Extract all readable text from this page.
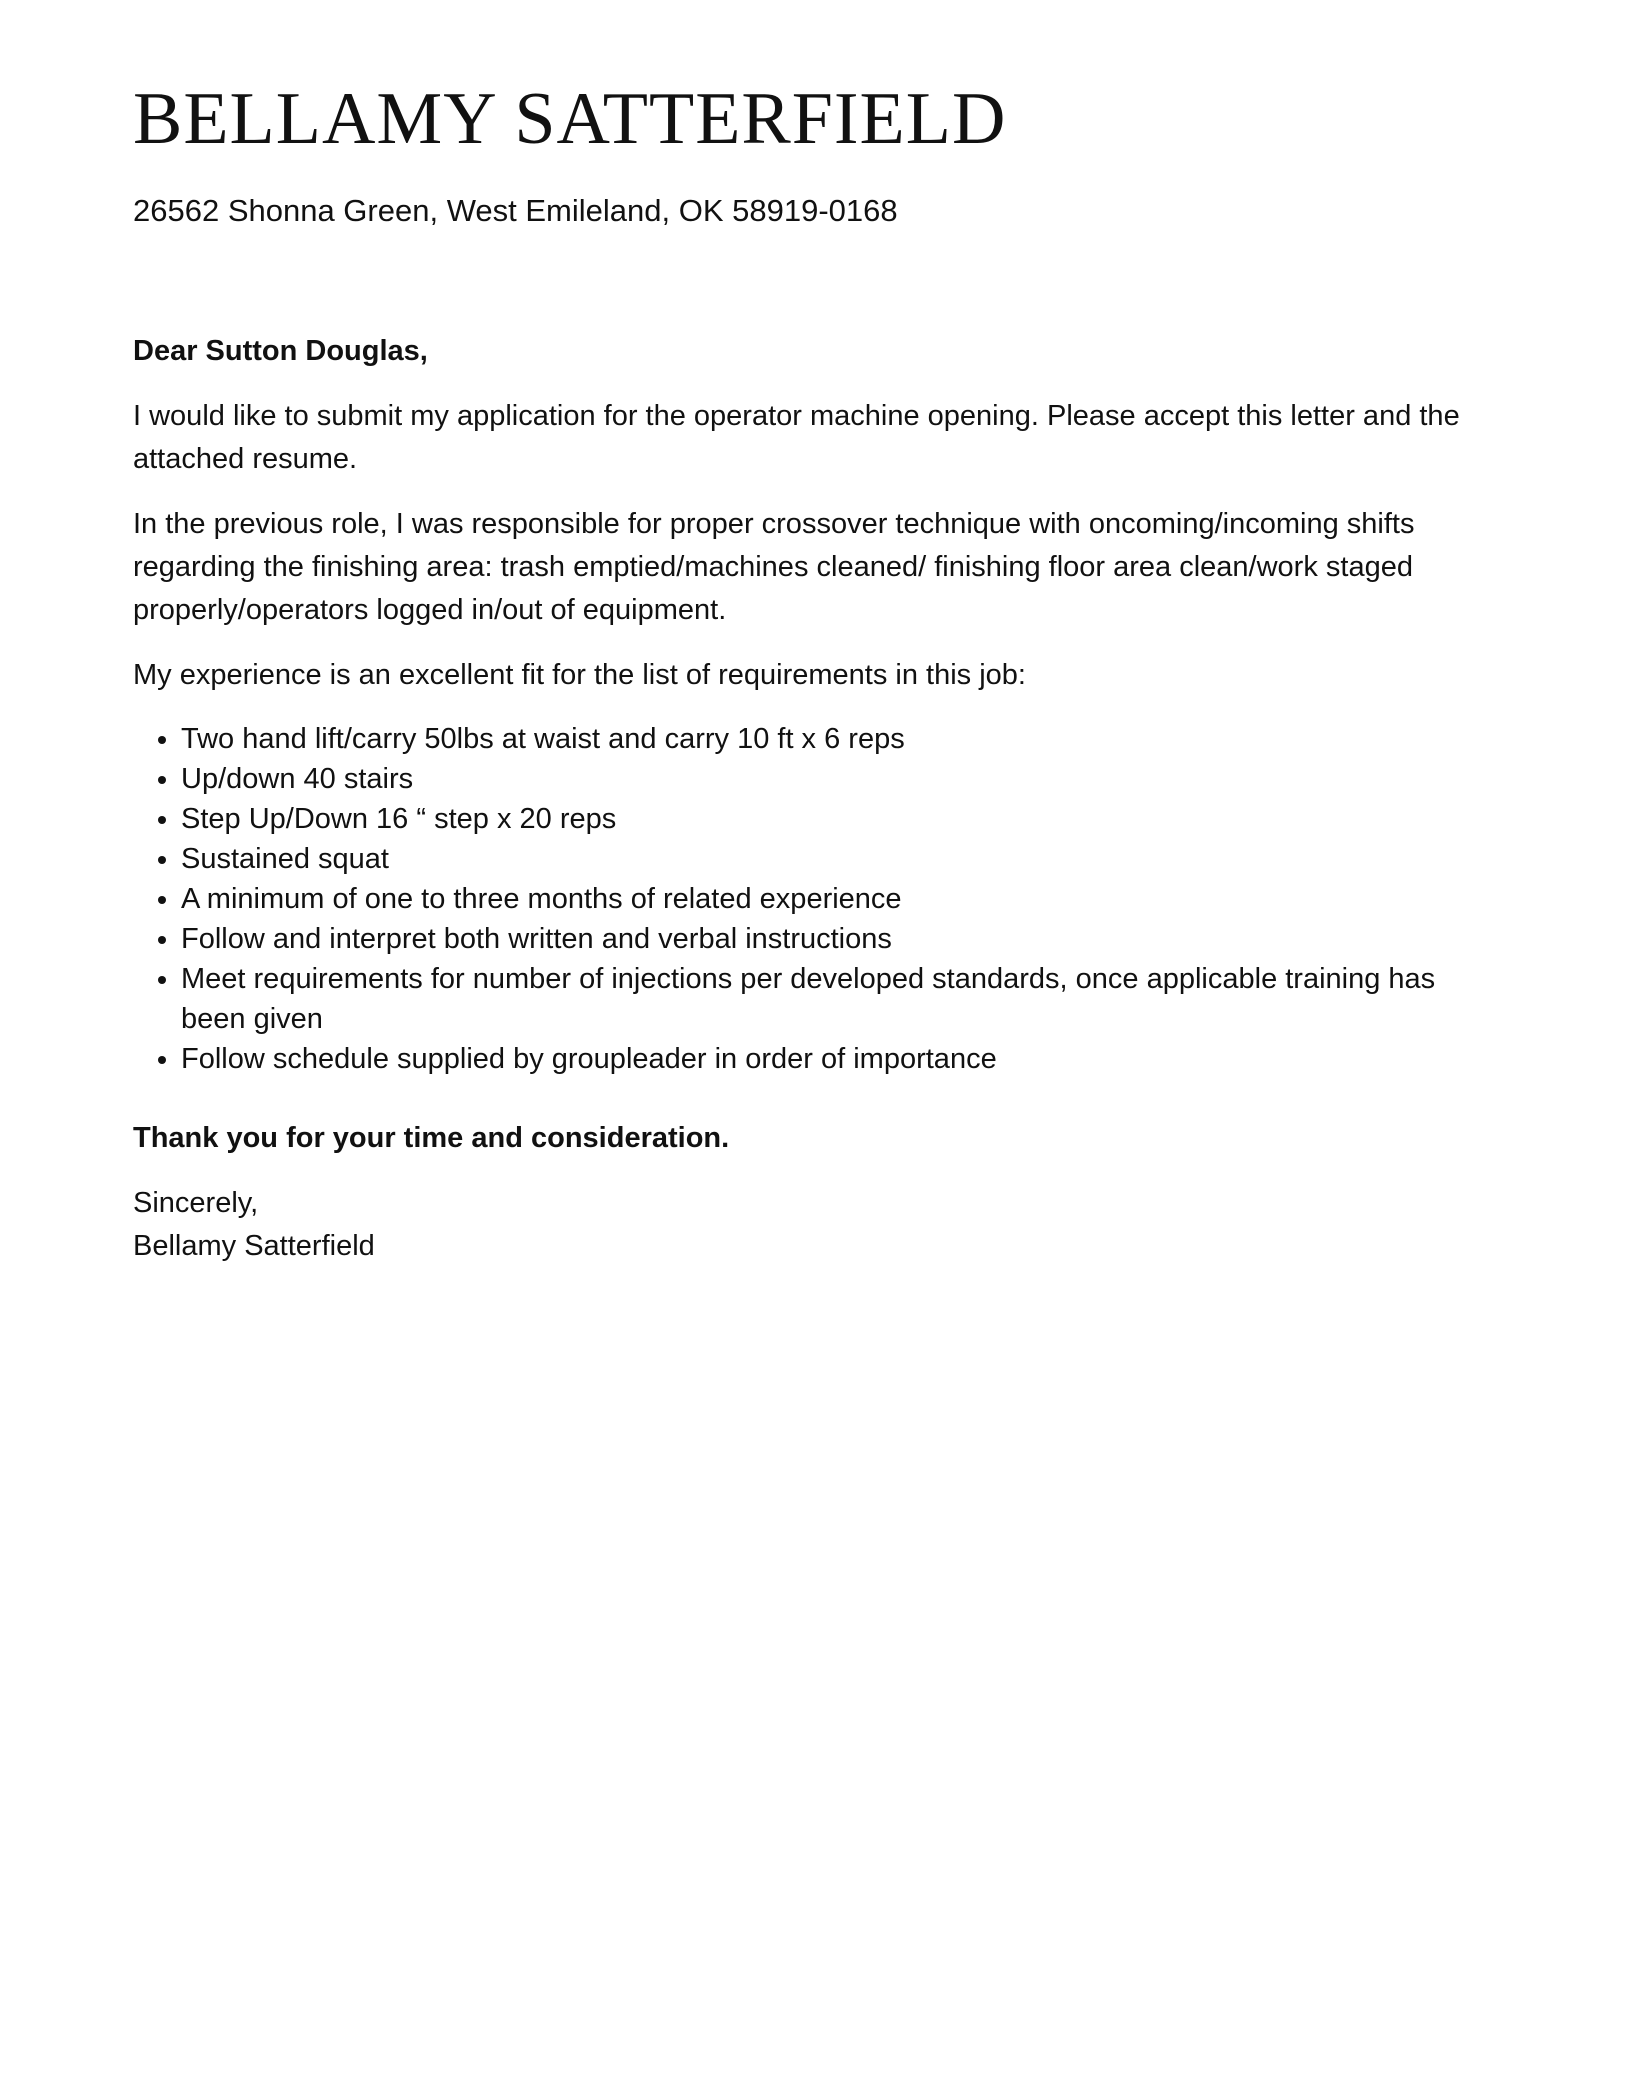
BELLAMY SATTERFIELD
26562 Shonna Green, West Emileland, OK 58919-0168

Dear Sutton Douglas,

I would like to submit my application for the operator machine opening. Please accept this letter and the attached resume.

In the previous role, I was responsible for proper crossover technique with oncoming/incoming shifts regarding the finishing area: trash emptied/machines cleaned/ finishing floor area clean/work staged properly/operators logged in/out of equipment.

My experience is an excellent fit for the list of requirements in this job:

• Two hand lift/carry 50lbs at waist and carry 10 ft x 6 reps
• Up/down 40 stairs
• Step Up/Down 16 “ step x 20 reps
• Sustained squat
• A minimum of one to three months of related experience
• Follow and interpret both written and verbal instructions
• Meet requirements for number of injections per developed standards, once applicable training has been given
• Follow schedule supplied by groupleader in order of importance

Thank you for your time and consideration.

Sincerely,

Bellamy Satterfield
